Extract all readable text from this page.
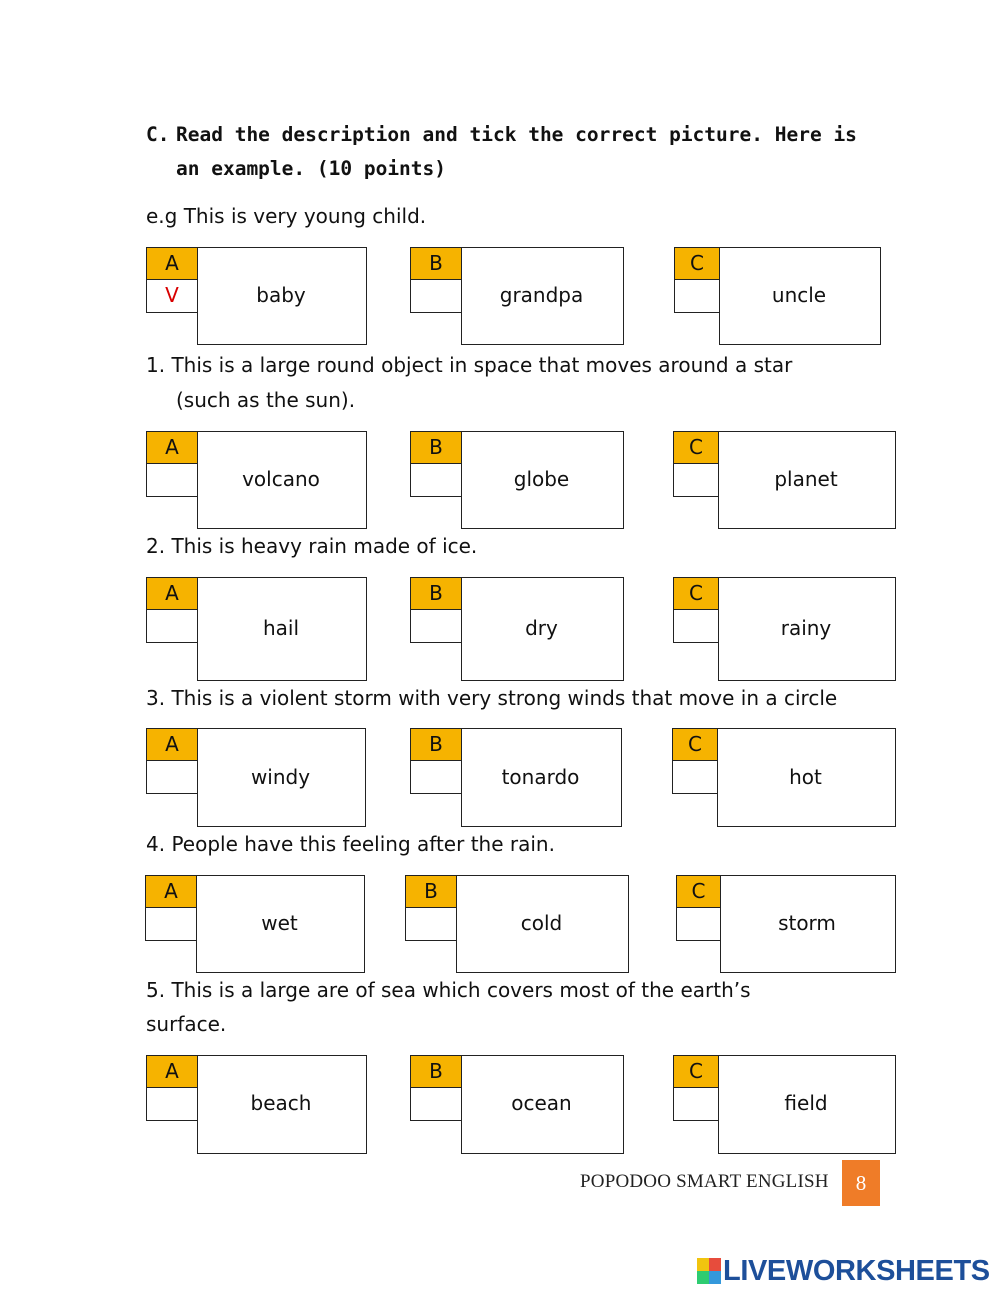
C. Read the description and tick the correct picture. Here is an example. (10 points)
e.g This is very young child.
A
V	baby
B
grandpa
C
uncle
1. This is a large round object in space that moves around a star
(such as the sun).
A
volcano
B
globe
C
planet
2. This is heavy rain made of ice.
A
hail
B
dry
C
rainy
3. This is a violent storm with very strong winds that move in a circle
A
windy
B
tonardo
C
hot
4. People have this feeling after the rain.
A
wet
B
cold
C
storm
5. This is a large are of sea which covers most of the earth’s
surface.
A
beach
B
ocean
C
field
POPODOO SMART ENGLISH	8
LIVEWORKSHEETS
